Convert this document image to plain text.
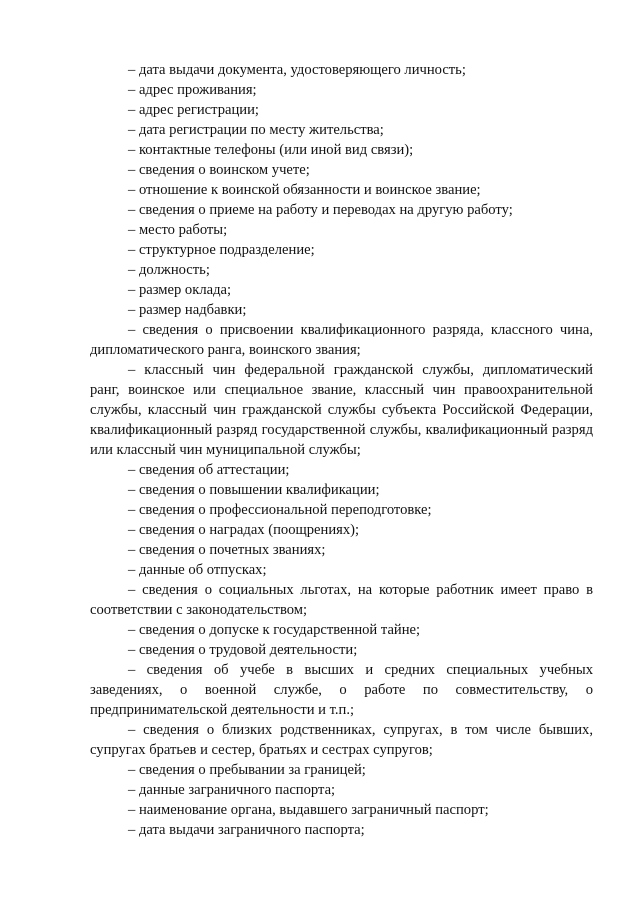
– дата выдачи документа, удостоверяющего личность;

– адрес проживания;

– адрес регистрации;

– дата регистрации по месту жительства;

– контактные телефоны (или иной вид связи);

– сведения о воинском учете;

– отношение к воинской обязанности и воинское звание;

– сведения о приеме на работу и переводах на другую работу;

– место работы;

– структурное подразделение;

– должность;

– размер оклада;

– размер надбавки;

– сведения о присвоении квалификационного разряда, классного чина, дипломатического ранга, воинского звания;

– классный чин федеральной гражданской службы, дипломатический ранг, воинское или специальное звание, классный чин правоохранительной службы, классный чин гражданской службы субъекта Российской Федерации, квалификационный разряд государственной службы, квалификационный разряд или классный чин муниципальной службы;

– сведения об аттестации;

– сведения о повышении квалификации;

– сведения о профессиональной переподготовке;

– сведения о наградах (поощрениях);

– сведения о почетных званиях;

– данные об отпусках;

– сведения о социальных льготах, на которые работник имеет право в соответствии с законодательством;

– сведения о допуске к государственной тайне;

– сведения о трудовой деятельности;

– сведения об учебе в высших и средних специальных учебных заведениях, о военной службе, о работе по совместительству, о предпринимательской деятельности и т.п.;

– сведения о близких родственниках, супругах, в том числе бывших, супругах братьев и сестер, братьях и сестрах супругов;

– сведения о пребывании за границей;

– данные заграничного паспорта;

– наименование органа, выдавшего заграничный паспорт;

– дата выдачи заграничного паспорта;
